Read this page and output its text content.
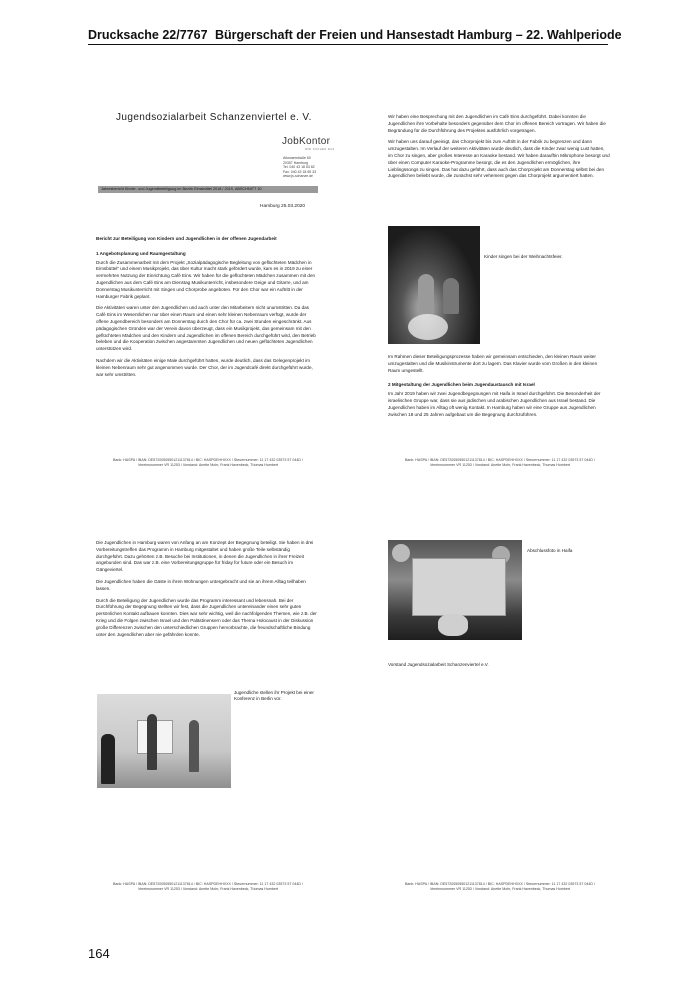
Drucksache 22/7767 Bürgerschaft der Freien und Hansestadt Hamburg – 22. Wahlperiode
Jugendsozialarbeit Schanzenviertel e. V.
JobKontor
WIR SUCHEN DAS
Altonaerstraße 60
20357 Hamburg
Tel. 040 43 18 63 82
Fax. 040 43 18 65 33
www.js-schanze.de
Jahresbericht Kinder- und Jugendbeteiligung im Bezirk Eimsbüttel 2018 / 2019, ABSCHNITT 10
Hamburg 25.03.2020

Bericht zur Beteiligung von Kindern und Jugendlichen in der offenen Jugendarbeit

1 Angebotsplanung und Raumgestaltung

Durch die Zusammenarbeit mit dem Projekt „Sozialpädagogische Begleitung von geflüchteten Mädchen in Eimsbüttel“ und einem Musikprojekt, das über Kultur macht stark gefördert wurde, kam es in 2019 zu einer vermehrten Nutzung der Einrichtung Café Eins. Wir haben für die geflüchteten Mädchen zusammen mit den Jugendlichen aus dem Café Eins am Dienstag Musikunterricht, insbesondere Geige und Gitarre, und am Donnerstag Musikunterricht mit Singen und Chorprobe angeboten. Für den Chor war ein Auftritt in der Hamburger Fabrik geplant.

Die Aktivitäten waren unter den Jugendlichen und auch unter den Mitarbeitern nicht unumstritten. Da das Café Eins im Wesentlichen nur über einen Raum und einen sehr kleinen Nebenraum verfügt, wurde der offene Jugendbereich besonders am Donnerstag durch den Chor für ca. zwei Stunden eingeschränkt. Aus pädagogischen Gründen war der Verein davon überzeugt, dass ein Musikprojekt, das gemeinsam mit den geflüchteten Mädchen und den Kindern und Jugendlichen im offenen Bereich durchgeführt wird, den Betrieb beleben und die Kooperation zwischen angestammten Jugendlichen und neuen geflüchteten Jugendlichen unterstützen wird.

Nachdem wir die Aktivitäten einige Male durchgeführt hatten, wurde deutlich, dass das Gelegenprojekt im kleinen Nebenraum sehr gut angenommen wurde. Der Chor, der im Jugendcafé direkt durchgeführt wurde, war sehr umstritten.

Bank: HASPA / IBAN: DE57200505501211137814 / BIC: HASPDEHHXXX / Steuernummer: 11 17 432 03573 57 044D /
Vereinsnummer VR 11253 / Vorstand: Anette Mohr, Frank Havenbeck, Thomas Humbert

Wir haben eine Besprechung mit den Jugendlichen im Café Eins durchgeführt. Dabei konnten die Jugendlichen ihre Vorbehalte besonders gegenüber dem Chor im offenen Bereich vortragen. Wir haben die Begründung für die Durchführung des Projektes ausführlich vorgetragen.

Wir haben uns darauf geeinigt, das Chorprojekt bis zum Auftritt in der Fabrik zu begrenzen und dann umzugestalten. Im Verlauf der weiteren Aktivitäten wurde deutlich, dass die Kinder zwar wenig Lust hatten, im Chor zu singen, aber großes Interesse an Karaoke bestand. Wir haben daraufhin Mikrophone besorgt und über einen Computer Karaoke-Programme besorgt, die es den Jugendlichen ermöglichen, ihre Lieblingssongs zu singen. Das hat dazu geführt, dass auch das Chorprojekt am Donnerstag selbst bei den Jugendlichen beliebt wurde, die zunächst sehr vehement gegen das Chorprojekt argumentiert hatten.

Kinder singen bei der Weihnachtsfeier.

Im Rahmen dieser Beteiligungsprozesse haben wir gemeinsam entschieden, den kleinen Raum weiter umzugestalten und die Musikinstrumente dort zu lagern. Das Klavier wurde vom Großen in den kleinen Raum umgestellt.

2 Mitgestaltung der Jugendlichen beim Jugendaustausch mit Israel

Im Jahr 2019 haben wir zwei Jugendbegegnungen mit Haifa in Israel durchgeführt. Die Besonderheit der israelischen Gruppe war, dass sie aus jüdischen und arabischen Jugendlichen aus Israel bestand. Die Jugendlichen haben im Alltag oft wenig Kontakt. In Hamburg haben wir eine Gruppe aus Jugendlichen zwischen 18 und 25 Jahren aufgebaut um die Begegnung durchzuführen.

Bank: HASPA / IBAN: DE57200505501211137814 / BIC: HASPDEHHXXX / Steuernummer: 11 17 432 03573 57 044D /
Vereinsnummer VR 11253 / Vorstand: Anette Mohr, Frank Havenbeck, Thomas Humbert

Die Jugendlichen in Hamburg waren von Anfang an am Konzept der Begegnung beteiligt. Sie haben in drei Vorbereitungstreffen das Programm in Hamburg mitgestaltet und haben große Teile selbständig durchgeführt. Dazu gehörten z.B. Besuche bei Institutionen, in denen die Jugendlichen in ihrer Freizeit angebunden sind. Das war z.B. eine Vorbereitungsgruppe für friday for future oder ein Besuch im Gängeviertel.

Die Jugendlichen haben die Gäste in ihren Wohnungen untergebracht und sie an ihrem Alltag teilhaben lassen.

Durch die Beteiligung der Jugendlichen wurde das Programm interessant und lebensnah. Bei der Durchführung der Begegnung stellten wir fest, dass die Jugendlichen untereinander einen sehr guten persönlichen Kontakt aufbauen konnten. Dies war sehr wichtig, weil die nachfolgenden Themen, wie z.B. der Krieg und die Folgen zwischen Israel und den Palästinensern oder das Thema Holocaust in der Diskussion große Differenzen zwischen den unterschiedlichen Gruppen hervorbrachte, die freundschaftliche Bindung unter den Jugendlichen aber nie gefährden konnte.

Jugendliche stellen ihr Projekt bei einer Konferenz in Berlin vor.
Bank: HASPA / IBAN: DE57200505501211137814 / BIC: HASPDEHHXXX / Steuernummer: 11 17 432 03573 57 044D /
Vereinsnummer VR 11253 / Vorstand: Anette Mohr, Frank Havenbeck, Thomas Humbert
Abschlussfoto in Haifa
Vorstand Jugendsozialarbeit Schanzenviertel e.V.
Bank: HASPA / IBAN: DE57200505501211137814 / BIC: HASPDEHHXXX / Steuernummer: 11 17 432 03573 57 044D /
Vereinsnummer VR 11253 / Vorstand: Anette Mohr, Frank Havenbeck, Thomas Humbert
164
